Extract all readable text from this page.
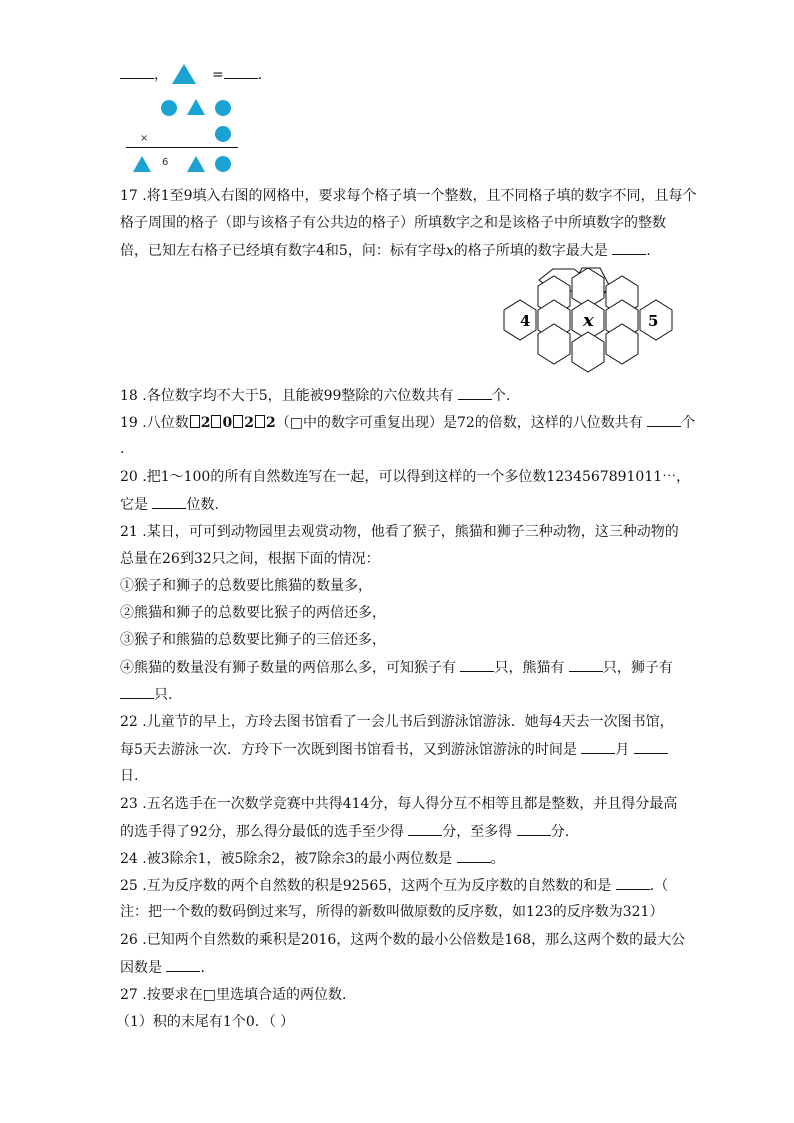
，	= .
×
6
17 .将1至9填入右图的网格中，要求每个格子填一个整数，且不同格子填的数字不同，且每个
格子周围的格子（即与该格子有公共边的格子）所填数字之和是该格子中所填数字的整数
倍，已知左右格子已经填有数字4和5，问：标有字母x的格子所填的数字最大是	.
4	x	5
18 .各位数字均不大于5，且能被99整除的六位数共有	个.
19 .八位数 2 0 2 2（□中的数字可重复出现）是72的倍数，这样的八位数共有	个
.
20 .把1～100的所有自然数连写在一起，可以得到这样的一个多位数1234567891011⋯，
它是	位数.
21 .某日，可可到动物园里去观赏动物，他看了猴子，熊猫和狮子三种动物，这三种动物的
总量在26到32只之间，根据下面的情况：
①猴子和狮子的总数要比熊猫的数量多，
②熊猫和狮子的总数要比猴子的两倍还多，
③猴子和熊猫的总数要比狮子的三倍还多，
④熊猫的数量没有狮子数量的两倍那么多，可知猴子有	只，熊猫有	只，狮子有
只.
22 .儿童节的早上，方玲去图书馆看了一会儿书后到游泳馆游泳．她每4天去一次图书馆，
每5天去游泳一次．方玲下一次既到图书馆看书，又到游泳馆游泳的时间是	月
日.
23 .五名选手在一次数学竞赛中共得414分，每人得分互不相等且都是整数，并且得分最高
的选手得了92分，那么得分最低的选手至少得	分，至多得	分.
24 .被3除余1，被5除余2，被7除余3的最小两位数是	。
25 .互为反序数的两个自然数的积是92565，这两个互为反序数的自然数的和是	.（
注：把一个数的数码倒过来写，所得的新数叫做原数的反序数，如123的反序数为321）
26 .已知两个自然数的乘积是2016，这两个数的最小公倍数是168，那么这两个数的最大公
因数是	.
27 .按要求在□里选填合适的两位数.
（1）积的末尾有1个0．（ ）
